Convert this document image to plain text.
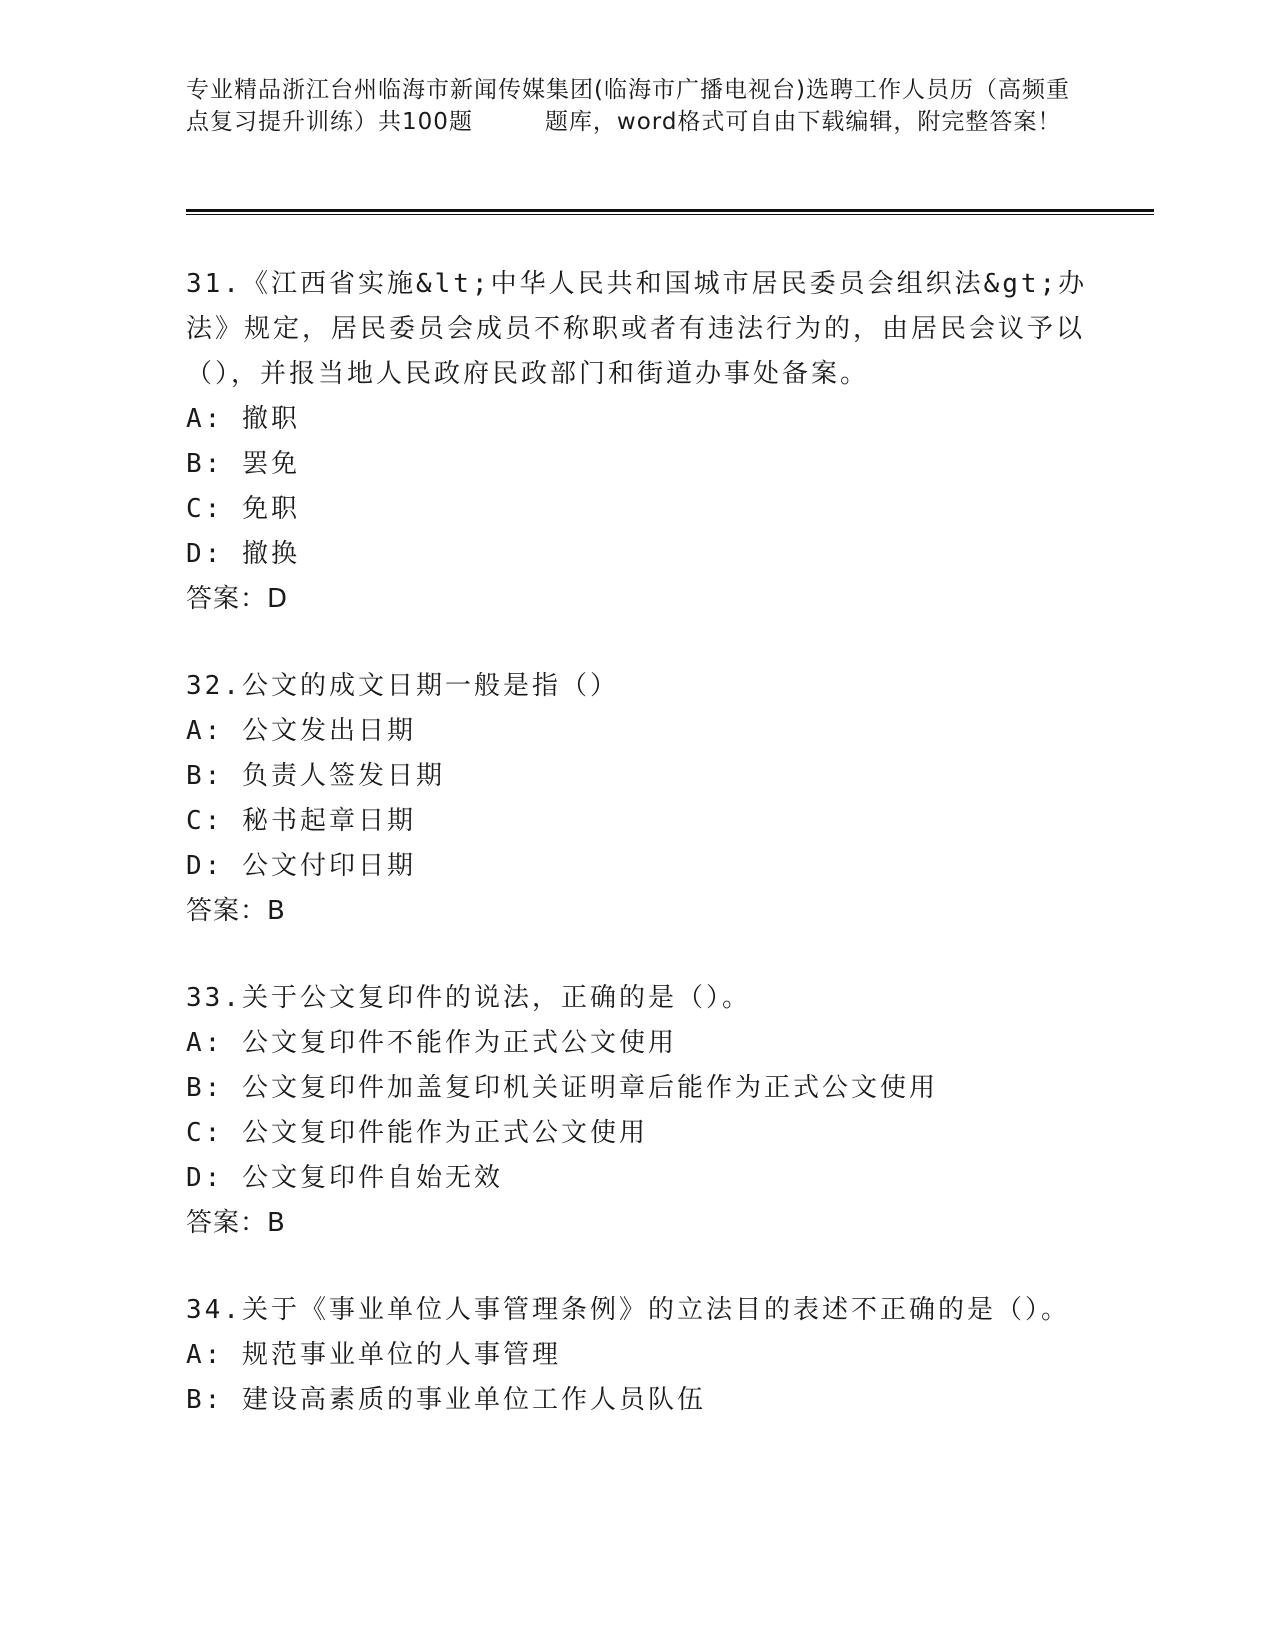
专业精品浙江台州临海市新闻传媒集团(临海市广播电视台)选聘工作人员历（高频重点复习提升训练）共100题　　　题库，word格式可自由下载编辑，附完整答案！
31.《江西省实施&lt;中华人民共和国城市居民委员会组织法&gt;办法》规定，居民委员会成员不称职或者有违法行为的，由居民会议予以（），并报当地人民政府民政部门和街道办事处备案。
A: 撤职
B: 罢免
C: 免职
D: 撤换
答案：D
32.公文的成文日期一般是指（）
A: 公文发出日期
B: 负责人签发日期
C: 秘书起章日期
D: 公文付印日期
答案：B
33.关于公文复印件的说法，正确的是（）。
A: 公文复印件不能作为正式公文使用
B: 公文复印件加盖复印机关证明章后能作为正式公文使用
C: 公文复印件能作为正式公文使用
D: 公文复印件自始无效
答案：B
34.关于《事业单位人事管理条例》的立法目的表述不正确的是（）。
A: 规范事业单位的人事管理
B: 建设高素质的事业单位工作人员队伍
